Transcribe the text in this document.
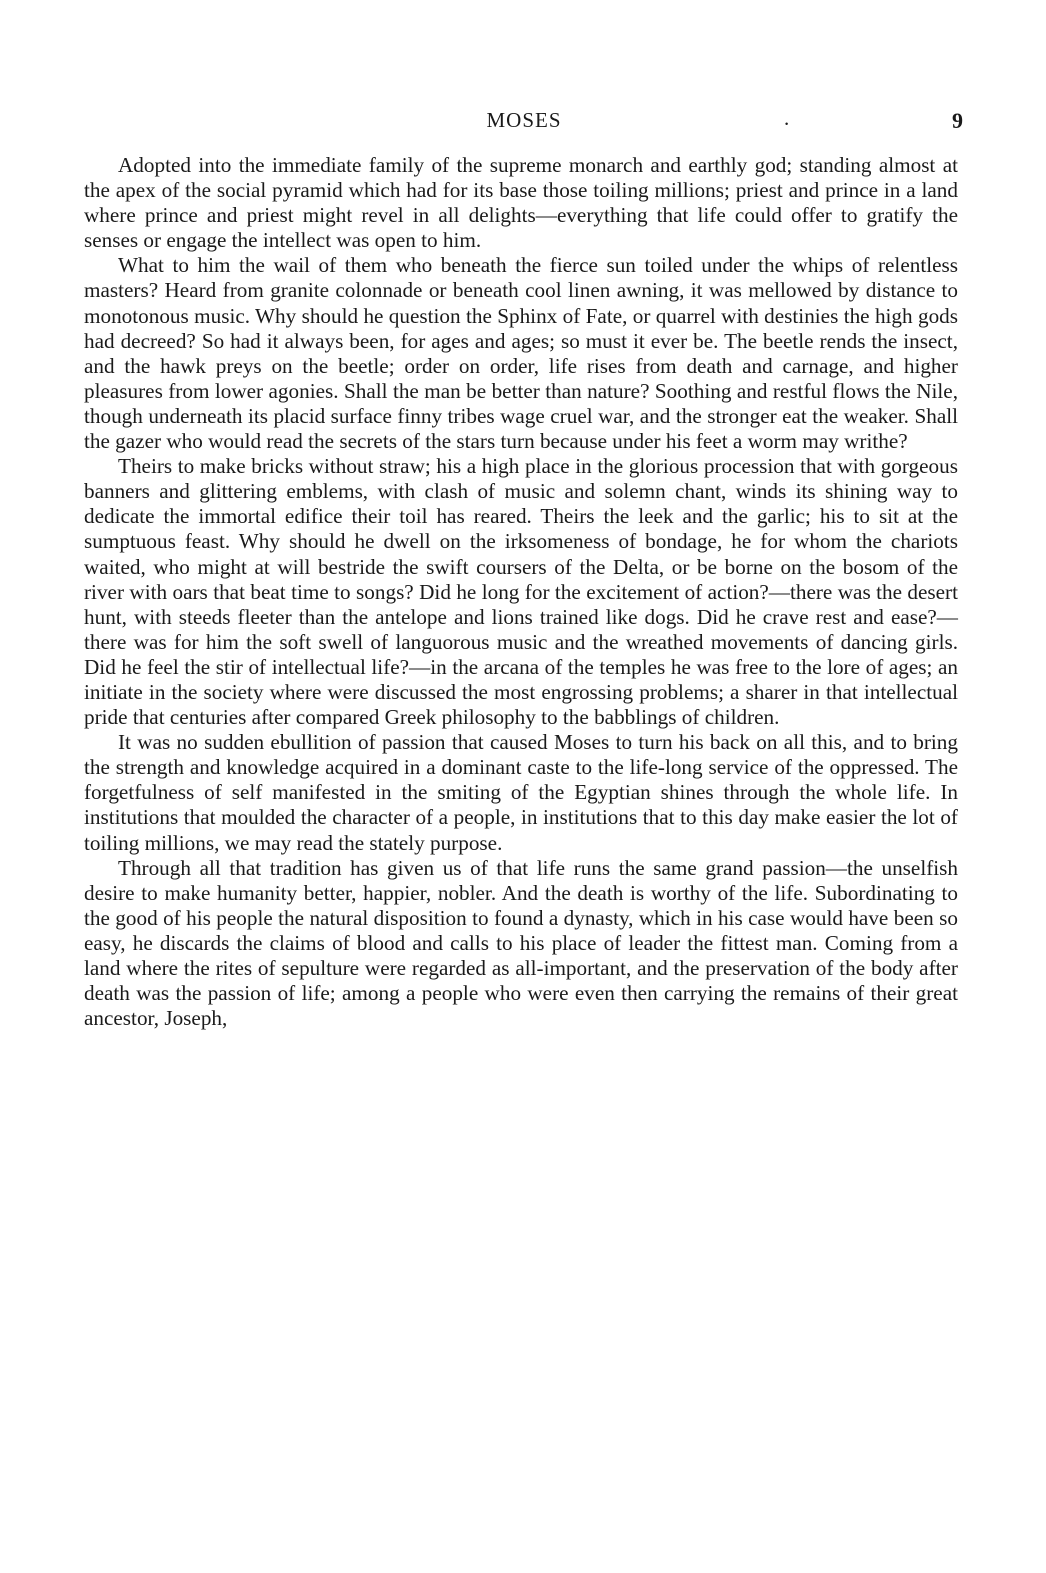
MOSES	.	9

Adopted into the immediate family of the supreme monarch and earthly god; standing almost at the apex of the social pyramid which had for its base those toiling millions; priest and prince in a land where prince and priest might revel in all delights—everything that life could offer to gratify the senses or engage the intellect was open to him.

What to him the wail of them who beneath the fierce sun toiled under the whips of relentless masters? Heard from granite colonnade or beneath cool linen awning, it was mellowed by distance to monotonous music. Why should he question the Sphinx of Fate, or quarrel with destinies the high gods had decreed? So had it always been, for ages and ages; so must it ever be. The beetle rends the insect, and the hawk preys on the beetle; order on order, life rises from death and carnage, and higher pleasures from lower agonies. Shall the man be better than nature? Soothing and restful flows the Nile, though underneath its placid surface finny tribes wage cruel war, and the stronger eat the weaker. Shall the gazer who would read the secrets of the stars turn because under his feet a worm may writhe?

Theirs to make bricks without straw; his a high place in the glorious procession that with gorgeous banners and glittering emblems, with clash of music and solemn chant, winds its shining way to dedicate the immortal edifice their toil has reared. Theirs the leek and the garlic; his to sit at the sumptuous feast. Why should he dwell on the irksomeness of bondage, he for whom the chariots waited, who might at will bestride the swift coursers of the Delta, or be borne on the bosom of the river with oars that beat time to songs? Did he long for the excitement of action?—there was the desert hunt, with steeds fleeter than the antelope and lions trained like dogs. Did he crave rest and ease?—there was for him the soft swell of languorous music and the wreathed movements of dancing girls. Did he feel the stir of intellectual life?—in the arcana of the temples he was free to the lore of ages; an initiate in the society where were discussed the most engrossing problems; a sharer in that intellectual pride that centuries after compared Greek philosophy to the babblings of children.

It was no sudden ebullition of passion that caused Moses to turn his back on all this, and to bring the strength and knowledge acquired in a dominant caste to the life-long service of the oppressed. The forgetfulness of self manifested in the smiting of the Egyptian shines through the whole life. In institutions that moulded the character of a people, in institutions that to this day make easier the lot of toiling millions, we may read the stately purpose.

Through all that tradition has given us of that life runs the same grand passion—the unselfish desire to make humanity better, happier, nobler. And the death is worthy of the life. Subordinating to the good of his people the natural disposition to found a dynasty, which in his case would have been so easy, he discards the claims of blood and calls to his place of leader the fittest man. Coming from a land where the rites of sepulture were regarded as all-important, and the preservation of the body after death was the passion of life; among a people who were even then carrying the remains of their great ancestor, Joseph,
